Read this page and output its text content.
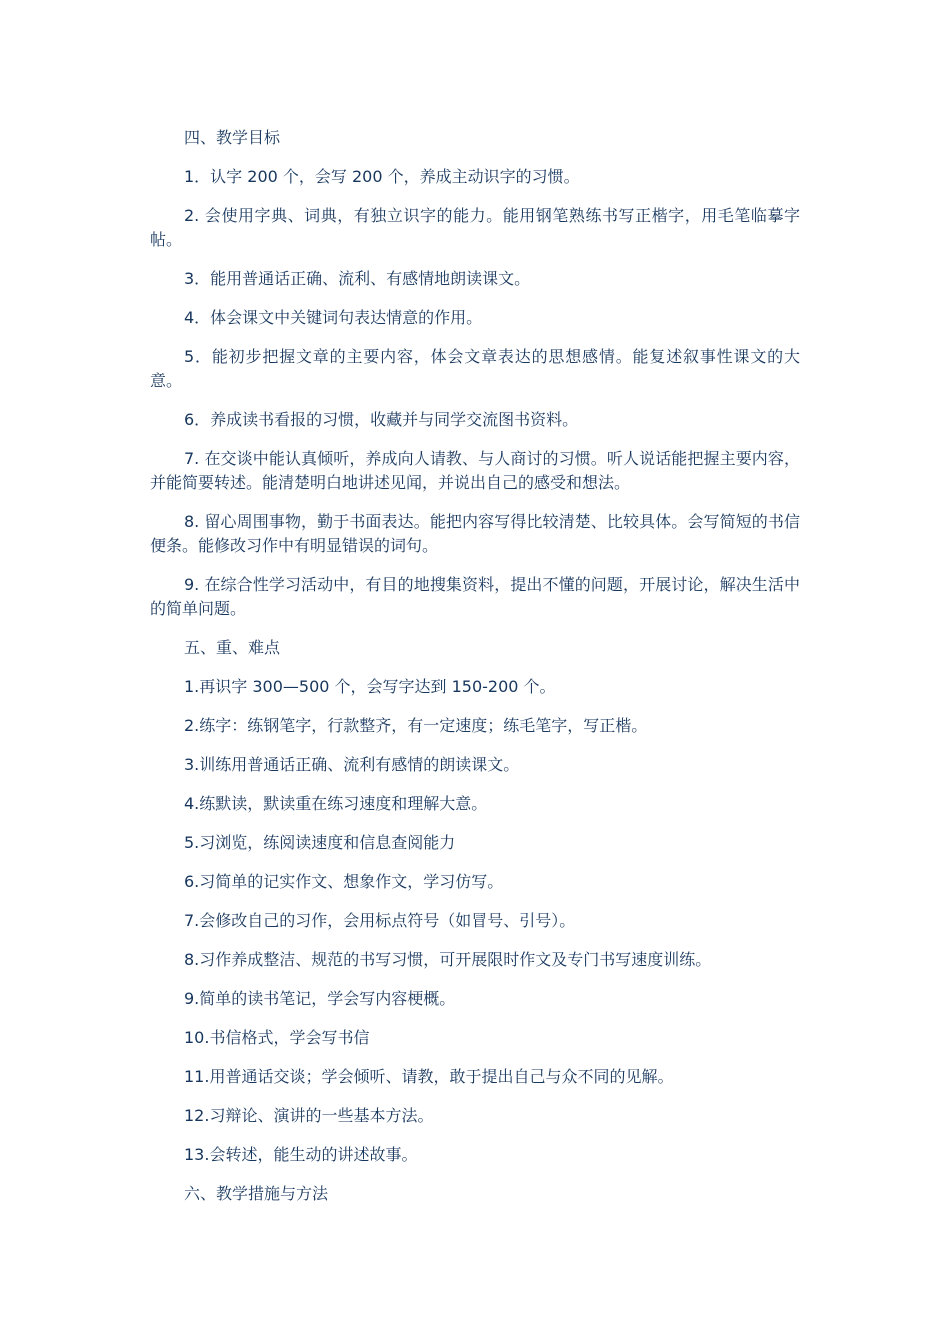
四、教学目标

1．认字 200 个，会写 200 个，养成主动识字的习惯。

2. 会使用字典、词典，有独立识字的能力。能用钢笔熟练书写正楷字，用毛笔临摹字帖。

3．能用普通话正确、流利、有感情地朗读课文。

4．体会课文中关键词句表达情意的作用。

5．能初步把握文章的主要内容，体会文章表达的思想感情。能复述叙事性课文的大意。

6．养成读书看报的习惯，收藏并与同学交流图书资料。

7. 在交谈中能认真倾听，养成向人请教、与人商讨的习惯。听人说话能把握主要内容，并能简要转述。能清楚明白地讲述见闻，并说出自己的感受和想法。

8. 留心周围事物，勤于书面表达。能把内容写得比较清楚、比较具体。会写简短的书信便条。能修改习作中有明显错误的词句。

9. 在综合性学习活动中，有目的地搜集资料，提出不懂的问题，开展讨论，解决生活中的简单问题。

五、重、难点

1.再识字 300—500 个，会写字达到 150-200 个。

2.练字：练钢笔字，行款整齐，有一定速度；练毛笔字，写正楷。

3.训练用普通话正确、流利有感情的朗读课文。

4.练默读，默读重在练习速度和理解大意。

5.习浏览，练阅读速度和信息查阅能力

6.习简单的记实作文、想象作文，学习仿写。

7.会修改自己的习作，会用标点符号（如冒号、引号）。

8.习作养成整洁、规范的书写习惯，可开展限时作文及专门书写速度训练。

9.简单的读书笔记，学会写内容梗概。

10.书信格式，学会写书信

11.用普通话交谈；学会倾听、请教，敢于提出自己与众不同的见解。

12.习辩论、演讲的一些基本方法。

13.会转述，能生动的讲述故事。

六、教学措施与方法
